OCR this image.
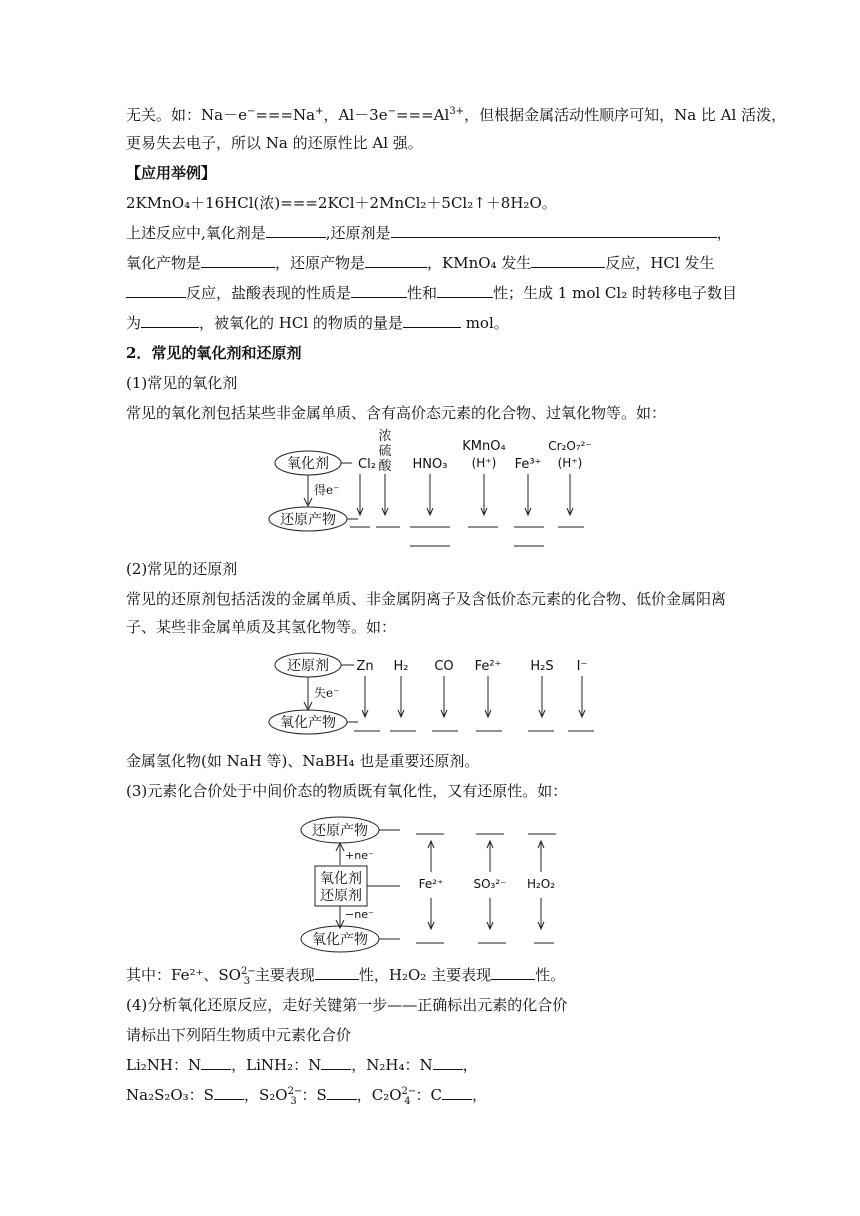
无关。如：Na－e−===Na+，$Al-3e^-===Al^{3+}$，但根据金属活动性顺序可知，Na 比 Al 活泼，
更易失去电子，所以 Na 的还原性比 Al 强。
【应用举例】
2KMnO₄＋16HCl(浓)===2KCl＋2MnCl₂＋5Cl₂↑＋8H₂O。
上述反应中,氧化剂是	,还原剂是	，
氧化产物是	，还原产物是	，KMnO₄ 发生	反应，HCl 发生
反应，盐酸表现的性质是	性和	性；生成 1 mol Cl₂ 时转移电子数目
为	，被氧化的 HCl 的物质的量是	mol。
2．常见的氧化剂和还原剂
(1)常见的氧化剂
常见的氧化剂包括某些非金属单质、含有高价态元素的化合物、过氧化物等。如：
氧化剂 Cl₂
浓
硫
酸 HNO₃
KMnO₄
(H⁺) Fe³⁺
Cr₂O₇²⁻
(H⁺)
得e⁻
还原产物
(2)常见的还原剂
常见的还原剂包括活泼的金属单质、非金属阴离子及含低价态元素的化合物、低价金属阳离
子、某些非金属单质及其氢化物等。如：
还原剂 Zn H₂ CO Fe²⁺ H₂S I⁻
失e⁻
氧化产物
金属氢化物(如 NaH 等)、NaBH₄ 也是重要还原剂。
(3)元素化合价处于中间价态的物质既有氧化性，又有还原性。如：
还原产物
+ne⁻
氧化剂
还原剂
−ne⁻
氧化产物
Fe²⁺	SO₃²⁻ H₂O₂
其中：Fe²⁺、$SO^{2-}_3$ 主要表现	性，H₂O₂ 主要表现	性。
(4)分析氧化还原反应，走好关键第一步——正确标出元素的化合价
请标出下列陌生物质中元素化合价
Li₂NH：N ，LiNH₂：N ，N₂H₄：N ，
Na₂S₂O₃：S ，$S_2O^{2-}_3$ ：S ，$C_2O^{2-}_4$ ：C ，
